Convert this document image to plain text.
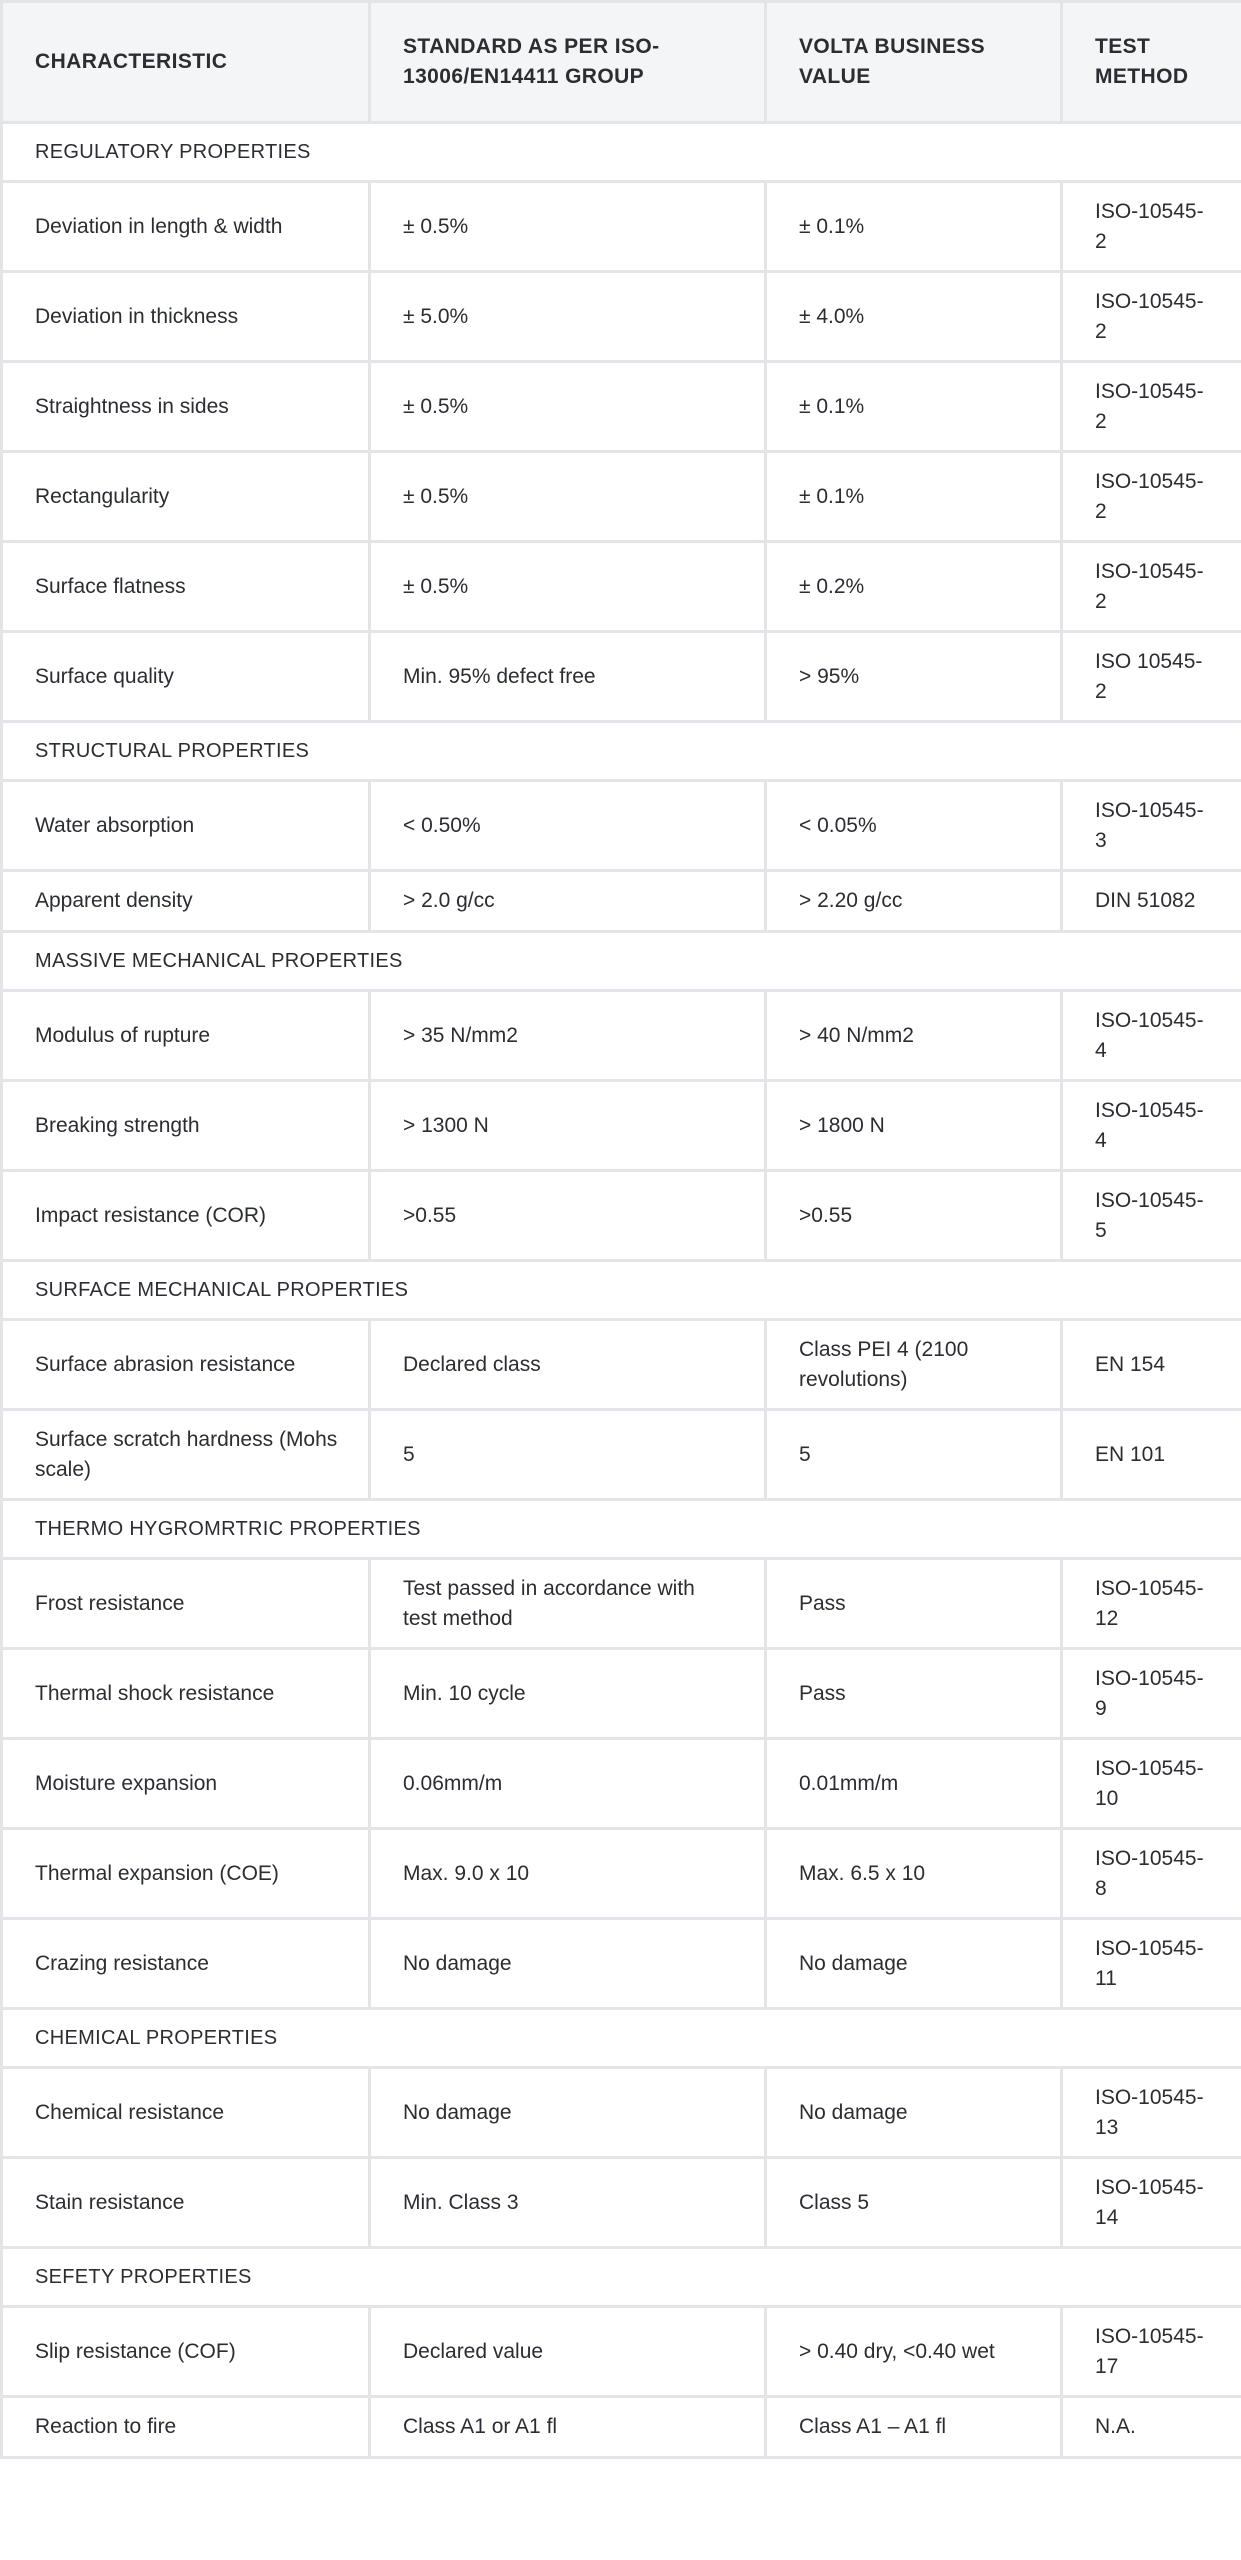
CHARACTERISTIC	STANDARD AS PER ISO-13006/EN14411 GROUP	VOLTA BUSINESS VALUE	TEST METHOD
REGULATORY PROPERTIES			
Deviation in length & width	± 0.5%	± 0.1%	ISO-10545-2
Deviation in thickness	± 5.0%	± 4.0%	ISO-10545-2
Straightness in sides	± 0.5%	± 0.1%	ISO-10545-2
Rectangularity	± 0.5%	± 0.1%	ISO-10545-2
Surface flatness	± 0.5%	± 0.2%	ISO-10545-2
Surface quality	Min. 95% defect free	> 95%	ISO 10545-2
STRUCTURAL PROPERTIES			
Water absorption	< 0.50%	< 0.05%	ISO-10545-3
Apparent density	> 2.0 g/cc	> 2.20 g/cc	DIN 51082
MASSIVE MECHANICAL PROPERTIES			
Modulus of rupture	> 35 N/mm2	> 40 N/mm2	ISO-10545-4
Breaking strength	> 1300 N	> 1800 N	ISO-10545-4
Impact resistance (COR)	>0.55	>0.55	ISO-10545-5
SURFACE MECHANICAL PROPERTIES			
Surface abrasion resistance	Declared class	Class PEI 4 (2100 revolutions)	EN 154
Surface scratch hardness (Mohs scale)	5	5	EN 101
THERMO HYGROMRTRIC PROPERTIES			
Frost resistance	Test passed in accordance with test method	Pass	ISO-10545-12
Thermal shock resistance	Min. 10 cycle	Pass	ISO-10545-9
Moisture expansion	0.06mm/m	0.01mm/m	ISO-10545-10
Thermal expansion (COE)	Max. 9.0 x 10	Max. 6.5 x 10	ISO-10545-8
Crazing resistance	No damage	No damage	ISO-10545-11
CHEMICAL PROPERTIES			
Chemical resistance	No damage	No damage	ISO-10545-13
Stain resistance	Min. Class 3	Class 5	ISO-10545-14
SEFETY PROPERTIES			
Slip resistance (COF)	Declared value	> 0.40 dry, <0.40 wet	ISO-10545-17
Reaction to fire	Class A1 or A1 fl	Class A1 – A1 fl	N.A.
